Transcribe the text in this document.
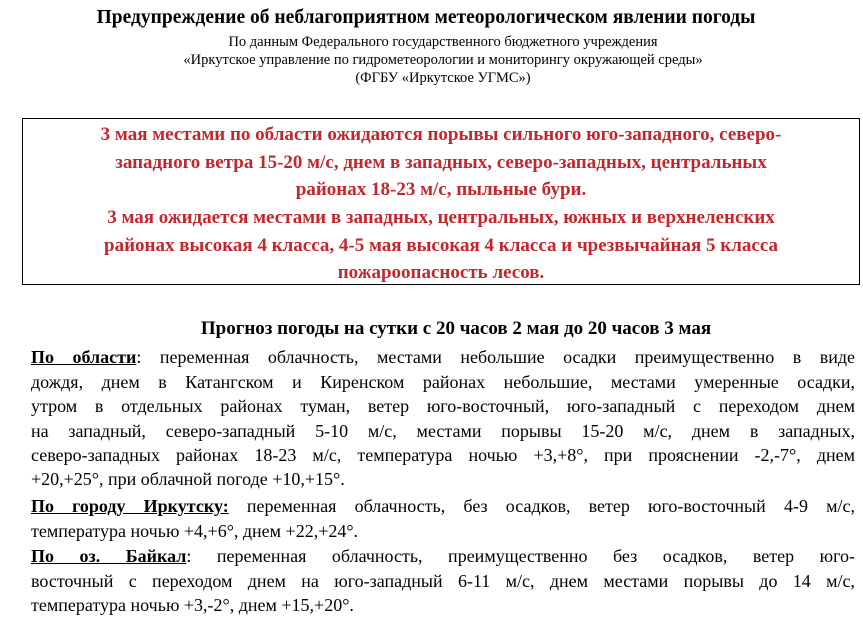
Предупреждение об неблагоприятном метеорологическом явлении погоды
По данным Федерального государственного бюджетного учреждения
«Иркутское управление по гидрометеорологии и мониторингу окружающей среды»
(ФГБУ «Иркутское УГМС»)
3 мая местами по области ожидаются порывы сильного юго-западного, северо-
западного ветра 15-20 м/с, днем в западных, северо-западных, центральных
районах 18-23 м/с, пыльные бури.
3 мая ожидается местами в западных, центральных, южных и верхнеленских
районах высокая 4 класса, 4-5 мая высокая 4 класса и чрезвычайная 5 класса
пожароопасность лесов.
Прогноз погоды на сутки с 20 часов 2 мая до 20 часов 3 мая
По области: переменная облачность, местами небольшие осадки преимущественно в виде
дождя, днем в Катангском и Киренском районах небольшие, местами умеренные осадки,
утром в отдельных районах туман, ветер юго-восточный, юго-западный с переходом днем
на западный, северо-западный 5-10 м/с, местами порывы 15-20 м/с, днем в западных,
северо-западных районах 18-23 м/с, температура ночью +3,+8°, при прояснении -2,-7°, днем
+20,+25°, при облачной погоде +10,+15°.
По городу Иркутску: переменная облачность, без осадков, ветер юго-восточный 4-9 м/с,
температура ночью +4,+6°, днем +22,+24°.
По оз. Байкал: переменная облачность, преимущественно без осадков, ветер юго-
восточный с переходом днем на юго-западный 6-11 м/с, днем местами порывы до 14 м/с,
температура ночью +3,-2°, днем +15,+20°.
